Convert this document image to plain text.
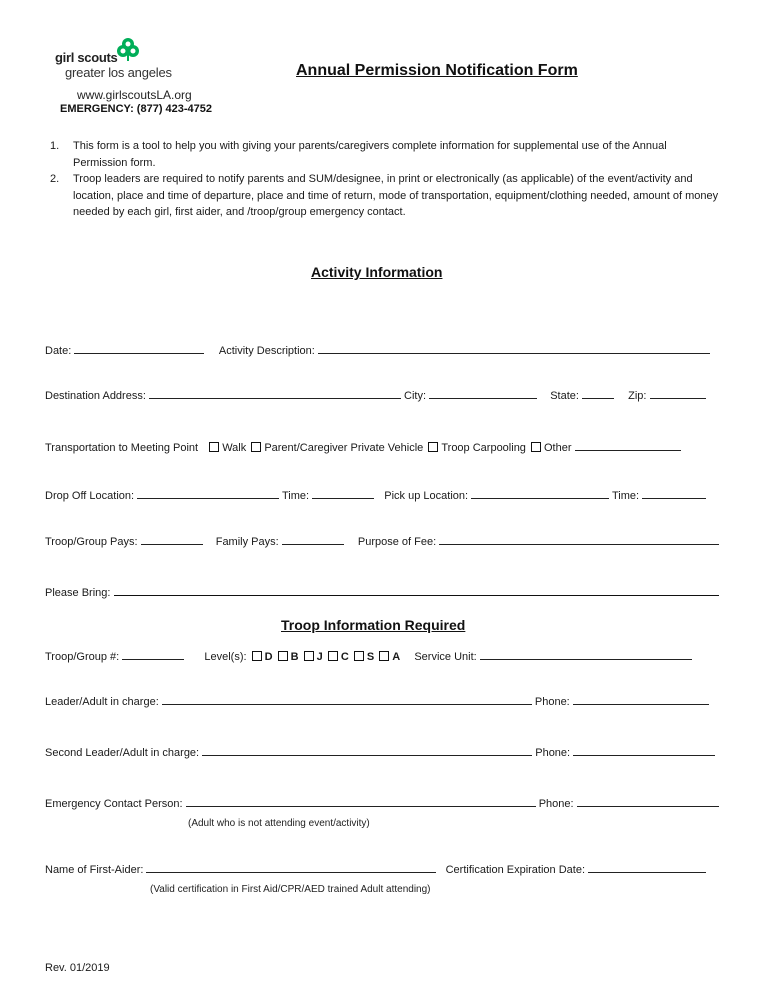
girl scouts
greater los angeles
www.girlscoutsLA.org
EMERGENCY: (877) 423-4752
Annual Permission Notification Form
1. This form is a tool to help you with giving your parents/caregivers complete information for supplemental use of the Annual Permission form.
2. Troop leaders are required to notify parents and SUM/designee, in print or electronically (as applicable) of the event/activity and location, place and time of departure, place and time of return, mode of transportation, equipment/clothing needed, amount of money needed by each girl, first aider, and /troop/group emergency contact.
Activity Information
Date:	Activity Description:
Destination Address:	City:	State:	Zip:
Transportation to Meeting Point Walk Parent/Caregiver Private Vehicle Troop Carpooling Other
Drop Off Location:	Time:	Pick up Location:	Time:
Troop/Group Pays:	Family Pays:	Purpose of Fee:
Please Bring:
Troop Information Required
Troop/Group #:	Level(s): D B J C S A Service Unit:
Leader/Adult in charge:	Phone:
Second Leader/Adult in charge:	Phone:
Emergency Contact Person:	Phone:
(Adult who is not attending event/activity)
Name of First-Aider:	Certification Expiration Date:
(Valid certification in First Aid/CPR/AED trained Adult attending)
Rev. 01/2019
